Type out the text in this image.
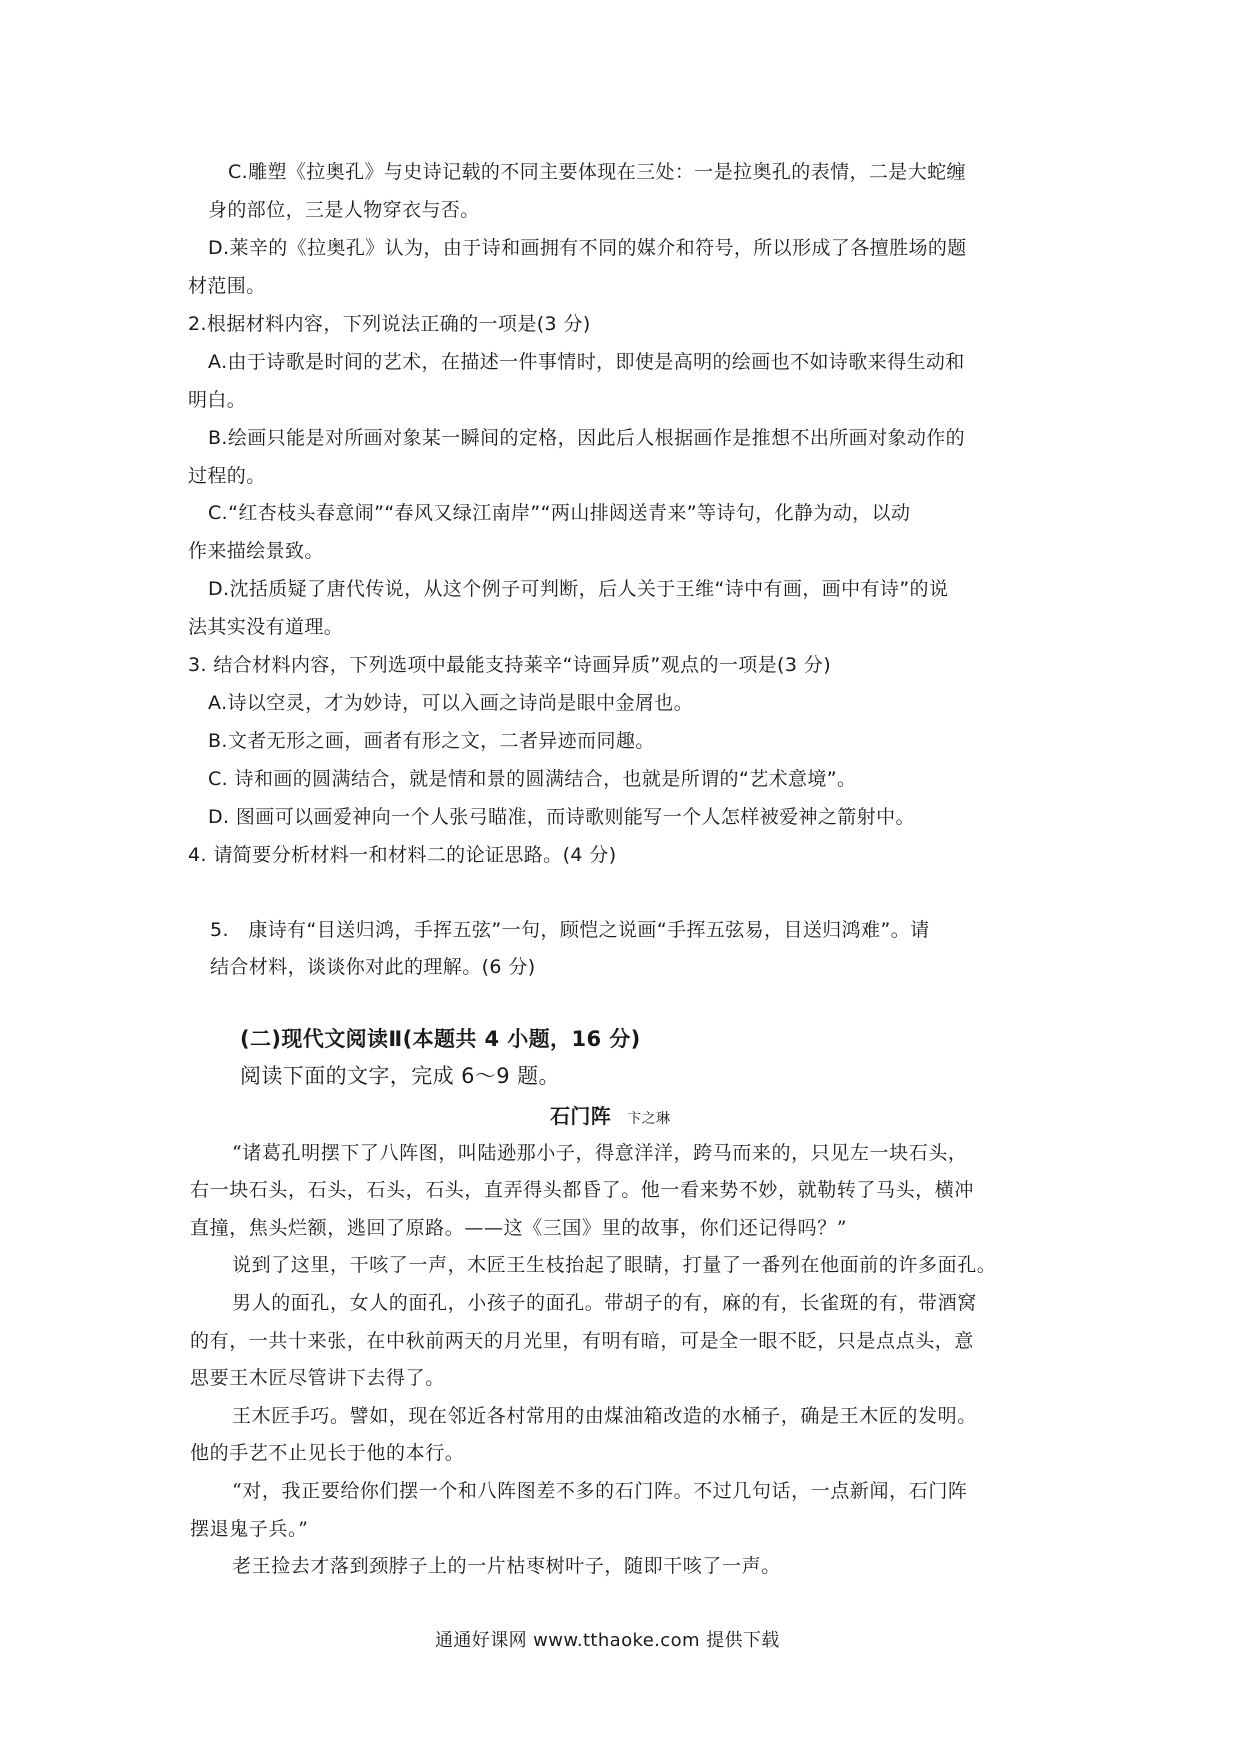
C.雕塑《拉奥孔》与史诗记载的不同主要体现在三处：一是拉奥孔的表情，二是大蛇缠
身的部位，三是人物穿衣与否。
D.莱辛的《拉奥孔》认为，由于诗和画拥有不同的媒介和符号，所以形成了各擅胜场的题
材范围。
2.根据材料内容，下列说法正确的一项是(3 分)
A.由于诗歌是时间的艺术，在描述一件事情时，即使是高明的绘画也不如诗歌来得生动和
明白。
B.绘画只能是对所画对象某一瞬间的定格，因此后人根据画作是推想不出所画对象动作的
过程的。
C.“红杏枝头春意闹”“春风又绿江南岸”“两山排闼送青来”等诗句，化静为动，以动
作来描绘景致。
D.沈括质疑了唐代传说，从这个例子可判断，后人关于王维“诗中有画，画中有诗”的说
法其实没有道理。
3. 结合材料内容，下列选项中最能支持莱辛“诗画异质”观点的一项是(3 分)
A.诗以空灵，才为妙诗，可以入画之诗尚是眼中金屑也。
B.文者无形之画，画者有形之文，二者异迹而同趣。
C. 诗和画的圆满结合，就是情和景的圆满结合，也就是所谓的“艺术意境”。
D. 图画可以画爱神向一个人张弓瞄准，而诗歌则能写一个人怎样被爱神之箭射中。
4. 请简要分析材料一和材料二的论证思路。(4 分)
5.　康诗有“目送归鸿，手挥五弦”一句，顾恺之说画“手挥五弦易，目送归鸿难”。请
结合材料，谈谈你对此的理解。(6 分)
(二)现代文阅读Ⅱ(本题共 4 小题，16 分)
阅读下面的文字，完成 6～9 题。
石门阵 卞之琳
“诸葛孔明摆下了八阵图，叫陆逊那小子，得意洋洋，跨马而来的，只见左一块石头，
右一块石头，石头，石头，石头，直弄得头都昏了。他一看来势不妙，就勒转了马头，横冲
直撞，焦头烂额，逃回了原路。——这《三国》里的故事，你们还记得吗？”
说到了这里，干咳了一声，木匠王生枝抬起了眼睛，打量了一番列在他面前的许多面孔。
男人的面孔，女人的面孔，小孩子的面孔。带胡子的有，麻的有，长雀斑的有，带酒窝
的有，一共十来张，在中秋前两天的月光里，有明有暗，可是全一眼不眨，只是点点头，意
思要王木匠尽管讲下去得了。
王木匠手巧。譬如，现在邻近各村常用的由煤油箱改造的水桶子，确是王木匠的发明。
他的手艺不止见长于他的本行。
“对，我正要给你们摆一个和八阵图差不多的石门阵。不过几句话，一点新闻，石门阵
摆退鬼子兵。”
老王捡去才落到颈脖子上的一片枯枣树叶子，随即干咳了一声。
通通好课网 www.tthaoke.com 提供下载
